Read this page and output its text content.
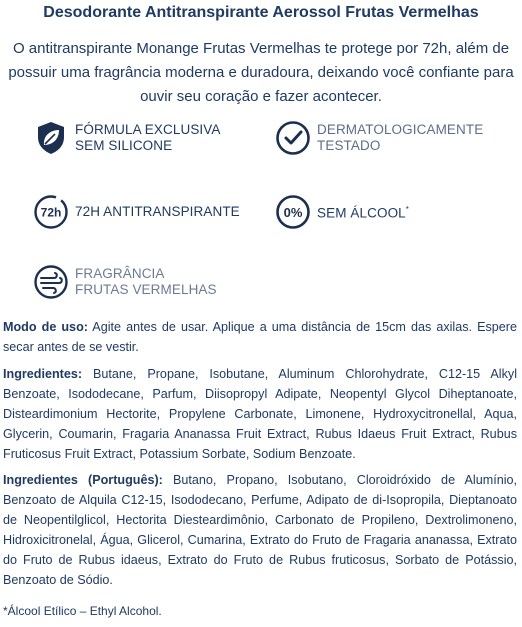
Desodorante Antitranspirante Aerossol Frutas Vermelhas
O antitranspirante Monange Frutas Vermelhas te protege por 72h, além de possuir uma fragrância moderna e duradoura, deixando você confiante para ouvir seu coração e fazer acontecer.
FÓRMULA EXCLUSIVA
SEM SILICONE
DERMATOLOGICAMENTE
TESTADO
72h 72H ANTITRANSPIRANTE	0% SEM ÁLCOOL*
FRAGRÂNCIA
FRUTAS VERMELHAS
Modo de uso: Agite antes de usar. Aplique a uma distância de 15cm das axilas. Espere secar antes de se vestir.
Ingredientes: Butane, Propane, Isobutane, Aluminum Chlorohydrate, C12-15 Alkyl Benzoate, Isododecane, Parfum, Diisopropyl Adipate, Neopentyl Glycol Diheptanoate, Disteardimonium Hectorite, Propylene Carbonate, Limonene, Hydroxycitronellal, Aqua, Glycerin, Coumarin, Fragaria Ananassa Fruit Extract, Rubus Idaeus Fruit Extract, Rubus Fruticosus Fruit Extract, Potassium Sorbate, Sodium Benzoate.
Ingredientes (Português): Butano, Propano, Isobutano, Cloroidróxido de Alumínio, Benzoato de Alquila C12-15, Isododecano, Perfume, Adipato de di-Isopropila, Dieptanoato de Neopentilglicol, Hectorita Diesteardimônio, Carbonato de Propileno, Dextrolimoneno, Hidroxicitronelal, Água, Glicerol, Cumarina, Extrato do Fruto de Fragaria ananassa, Extrato do Fruto de Rubus idaeus, Extrato do Fruto de Rubus fruticosus, Sorbato de Potássio, Benzoato de Sódio.
*Álcool Etílico – Ethyl Alcohol.
